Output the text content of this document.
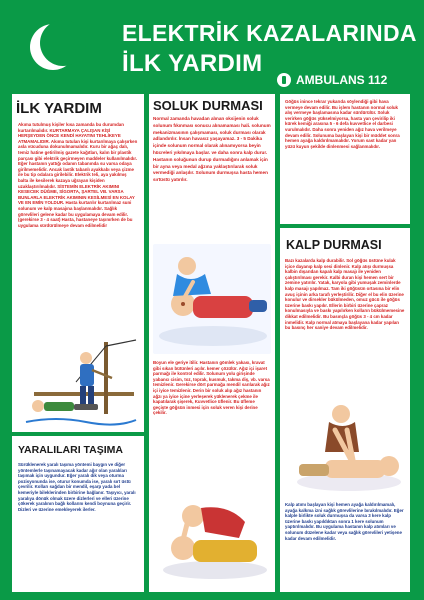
ELEKTRİK KAZALARINDA
İLK YARDIM
AMBULANS 112
İLK YARDIM
Akıma tutulmuş kişiler kısa zamanda bu durumdan kurtarılmalıdır. KURTARMAYA ÇALIŞAN KİŞİ HERŞEYDEN ÖNCE KENDİ HAYATINI TEHLİKEYE ATMAMALIDIR. Akıma tutulan kişi kurtarılmaya çalışırken asla vücuduna dokunulmamalıdır. Kuru bir ağaç dalı, temiz hatine getirilmiş gazete kağıtları, kalın bir plastik parçası gibi elektrik geçirmeyen maddeler kullanılmalıdır. Eğer hastanın yattığı odanın tabanında su varsa odaya girilmemelidir. Ancak lastik tabanlı ayakkabı veya çizme ile bu tip odalara girilebilir. Elektrik teli, aya yakılmış balta ile kesilerek kazaya uğrayan kişiden uzaklaştırılmalıdır. SİSTEMİN ELEKTRİK AKIMINI KESECEK DÜĞME, SİGORTA, ŞARTEL VB. VARSA BUNLARLA ELEKTRİK AKIMININ KESİLMESİ EN KOLAY VE EN EMİN YOLDUR. Hasta kurtarılır kurtarılmaz suni solunum ve kalp masajına başlanmalıdır. Sağlık görevlileri gelene kadar bu uygulamaya devam edilir. (gerekirse 3 - 4 saat) Hasta, hastaneye taşınırken de bu uygulama sürdürülmeye devam edilmelidir
YARALILARI TAŞIMA
Sürüklenerek yaralı taşıma yöntemi baygın ve diğer yöntemlerle taşınamayacak kadar ağır olan yaralıları taşımak için uygundur. Eğer yaralı dik veya oturma pozisyonunda ise, oturur konumda ise, yaralı sırt üstü çevrilir. Kolları sağdan bir mendil, eşarp yada bel kemeriyle bileklerinden birbirine bağlanır. Taşıyıcı, yaralı yaralıya dönük olmak üzere dizlerleri ve elleri üzerine çökerek yaralının bağlı kollarını kendi boynuna geçirir. Dizleri ve üzerine emekleyerek ilerler.
SOLUK DURMASI
Normal zamanda havadan alınan oksijenin soluk solunum fıkınması sonucu alınamaması hali. solunum mekanizmasının çalışmaması, soluk durması olarak adlandırılır. İnsan havasız yaşayamaz. 3 - 5 Dakika içinde solunum normal olarak alınamıyorsa beyin hücreleri yıkılmaya başlar. ve daha sonra kalp durur. Hastanın soluğunun durup durmadığını anlamak için bir ayna veya medal ağzına yaklaştırılarak soluk vermediği anlaşılır. Solunum durmuşsa hasta hemen sırtüstü yatırılır.
Boyun ele geriye itilir. Hastanın gömlek yakası, kravat gibi sıkan bütünleri açılır. kemer çözülür. Ağız içi işaret parmağı ile kontrol edilir. Solunum yolu girişinde yabancı cisim, toz, toprak, kusmuk, takma diş, vb. varsa temizlenir. Gerekirse dört parmağa mendil sarılarak ağız içi iyice temizlenir. Derin bir soluk alıp ağız hastanın ağzı ya iyice içine yerleşerek yüklenerek çekme ile kapatılarak şişerek, Kuvvetlice üflenir. Bu üfleme geçişte göğsün inmesi için soluk veren kişi derine çekilir.
Göğüs inince tekrar yukarıda söylendiği gibi hava vermeye devam edilir. Bu işlem hastanın normal soluk alış vermeye başlamasına kadar sürdürülür. Soluk verirken göğüs yükselmiyorsa, hasta yan çevirilip iki kürek kemiği arasına 5 - 6 defa kuvvetlice el darbesi vurulmalıdır. Daha sonra yeniden ağız hava verilmeye devam edilir. Solunuma başlayan kişi bir müddet sonra hemen ayağa kaldırılmamalıdır. Yorum sast kadar yan yüzü kuyun şekilde dinlenmesi sağlanmalıdır.
KALP DURMASI
Bazı kazalarda kalp durabilir. Sol göğüs üstüne kulak içice dayanıp kalp sesi dinlenir. Kalp atışı durmuşsa kalbin dışarıdan kapalı kalp masajı ile yeniden çalıştırılması gerekir. Kalbi duran kişi hemen sert bir zemine yatırılır. Yatak, karyola gibi yumuşak zeminlerde kalp masajı yapılmaz. Tam iki göğüsün ortasına bir elin avuç içinin arka tarafı yerleştirilir. Diğer el bu elin üzerine konulur ve dirsekler bükülmeden, omuz gücü ile göğüs üzerine baskı yapılır. Ellerin birbiri üzerine çapraz konulmasıyla ve baskı yapılırken kolların bükülmemesine dikkat edilmelidir. Bu basınçla göğüs 3 - 4 cm kadar inmelidir. Kalp normal atmaya başlayana kadar yapılan bu basınç her saniye devam edilmelidir.
Kalp atımı başlayan kişi hemen ayağa kaldırılmamalı, ayağa kalkma izni sağlık görevlilerine bırakılmalıdır. Eğer kalple birlikte soluk durmuşsa da varsa 3 kere kalp üzerine baskı yapıldıktan sonra 1 kere solunum yaptırılmalıdır. Bu uygulama hastanın kalp atımları ve solunum düzelene kadar veya sağlık görevlileri yetişene kadar devam edilmelidir.
